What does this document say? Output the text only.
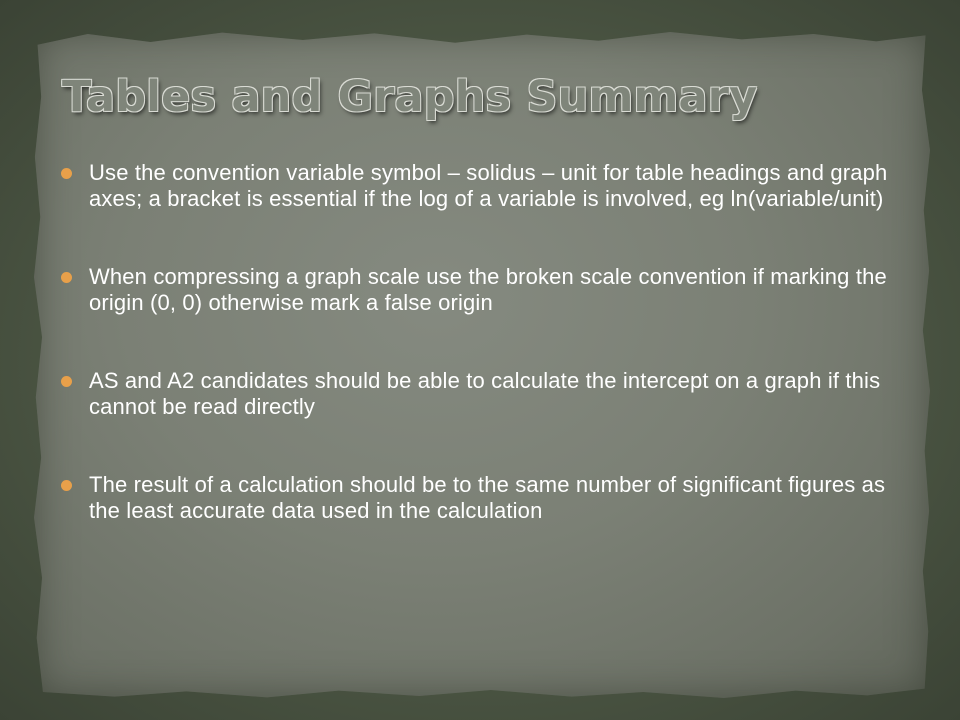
Tables and Graphs Summary
Use the convention variable symbol – solidus – unit for table headings and graph axes; a bracket is essential if the log of a variable is involved, eg ln(variable/unit)
When compressing a graph scale use the broken scale convention if marking the origin (0, 0) otherwise mark a false origin
AS and A2 candidates should be able to calculate the intercept on a graph if this cannot be read directly
The result of a calculation should be to the same number of significant figures as the least accurate data used in the calculation
